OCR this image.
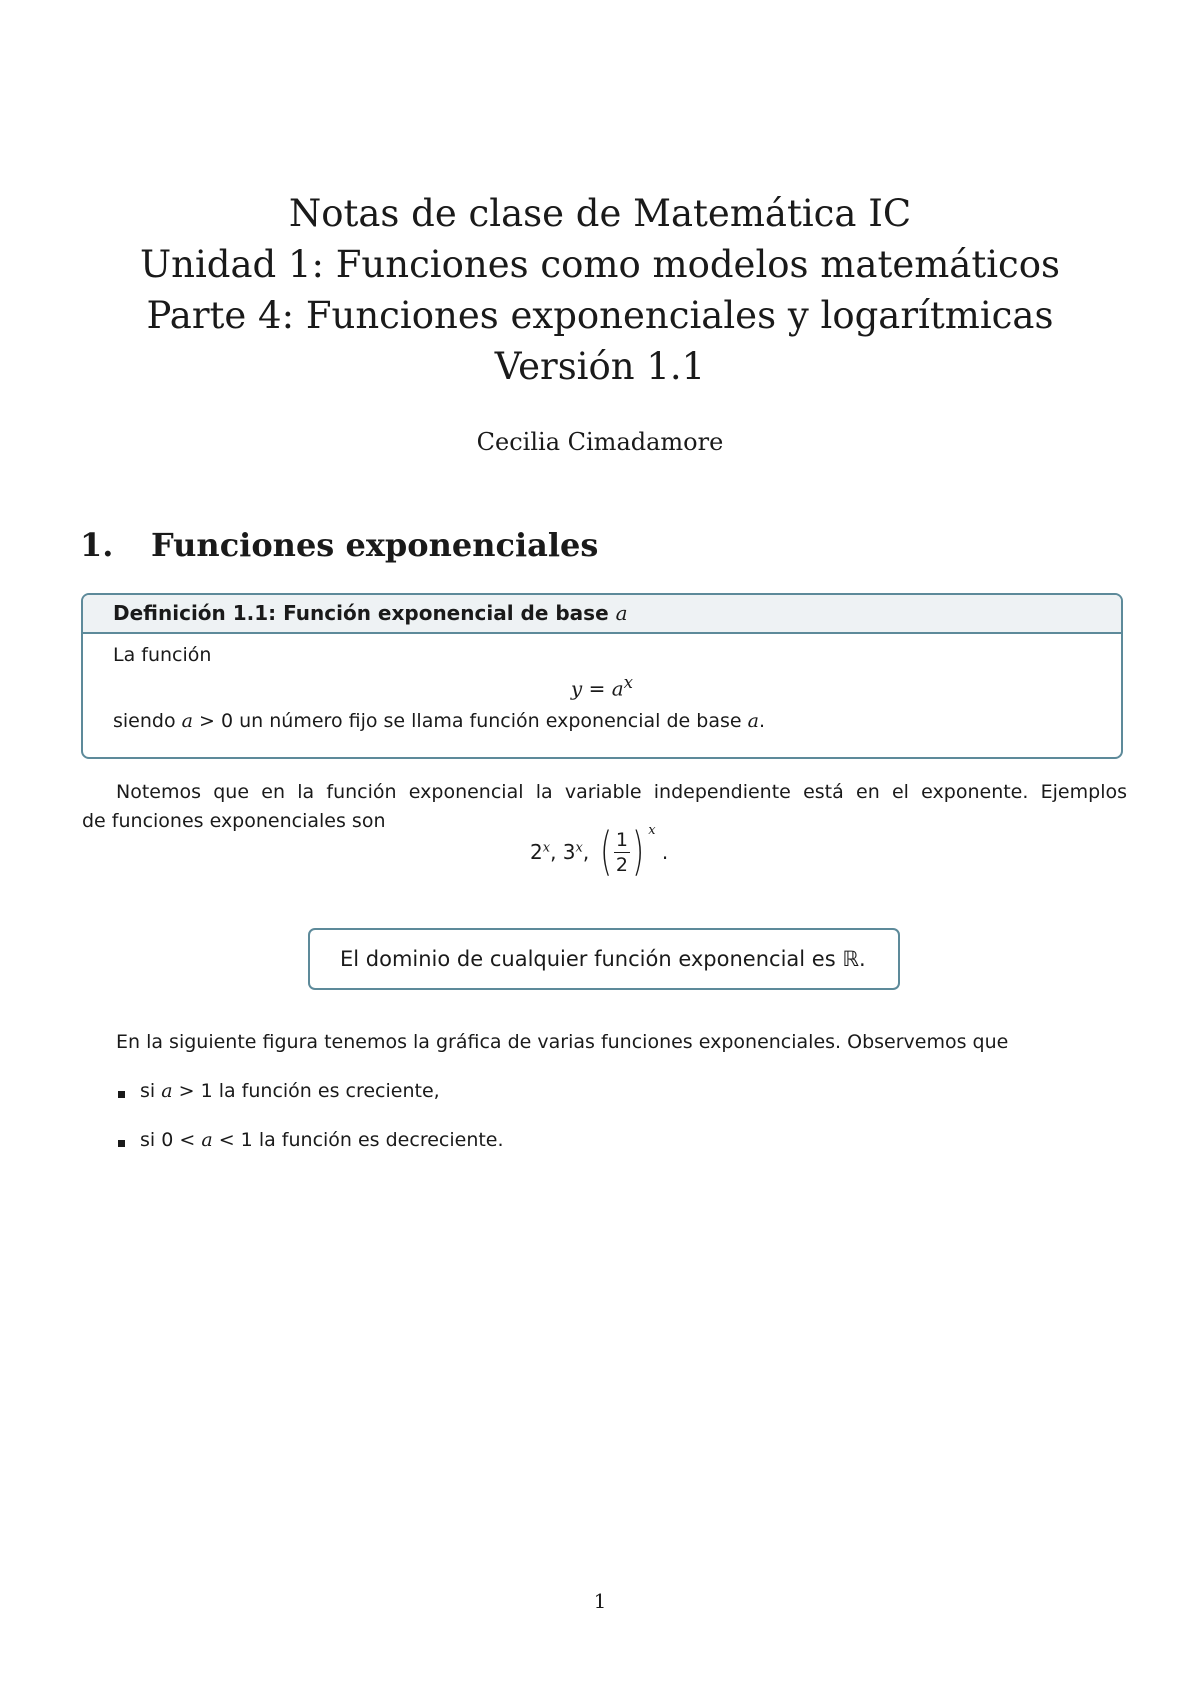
Notas de clase de Matemática IC
Unidad 1: Funciones como modelos matemáticos
Parte 4: Funciones exponenciales y logarítmicas
Versión 1.1
Cecilia Cimadamore
1. Funciones exponenciales
Definición 1.1: Función exponencial de base a
La función
$y = a^x$
siendo a > 0 un número fijo se llama función exponencial de base a.
Notemos que en la función exponencial la variable independiente está en el exponente. Ejemplos
de funciones exponenciales son
2$^x$, 3$^x$, ( $\frac{1}{2}$ ) x
.
El dominio de cualquier función exponencial es ℝ.
En la siguiente figura tenemos la gráfica de varias funciones exponenciales. Observemos que
si a > 1 la función es creciente,
si 0 < a < 1 la función es decreciente.
1
